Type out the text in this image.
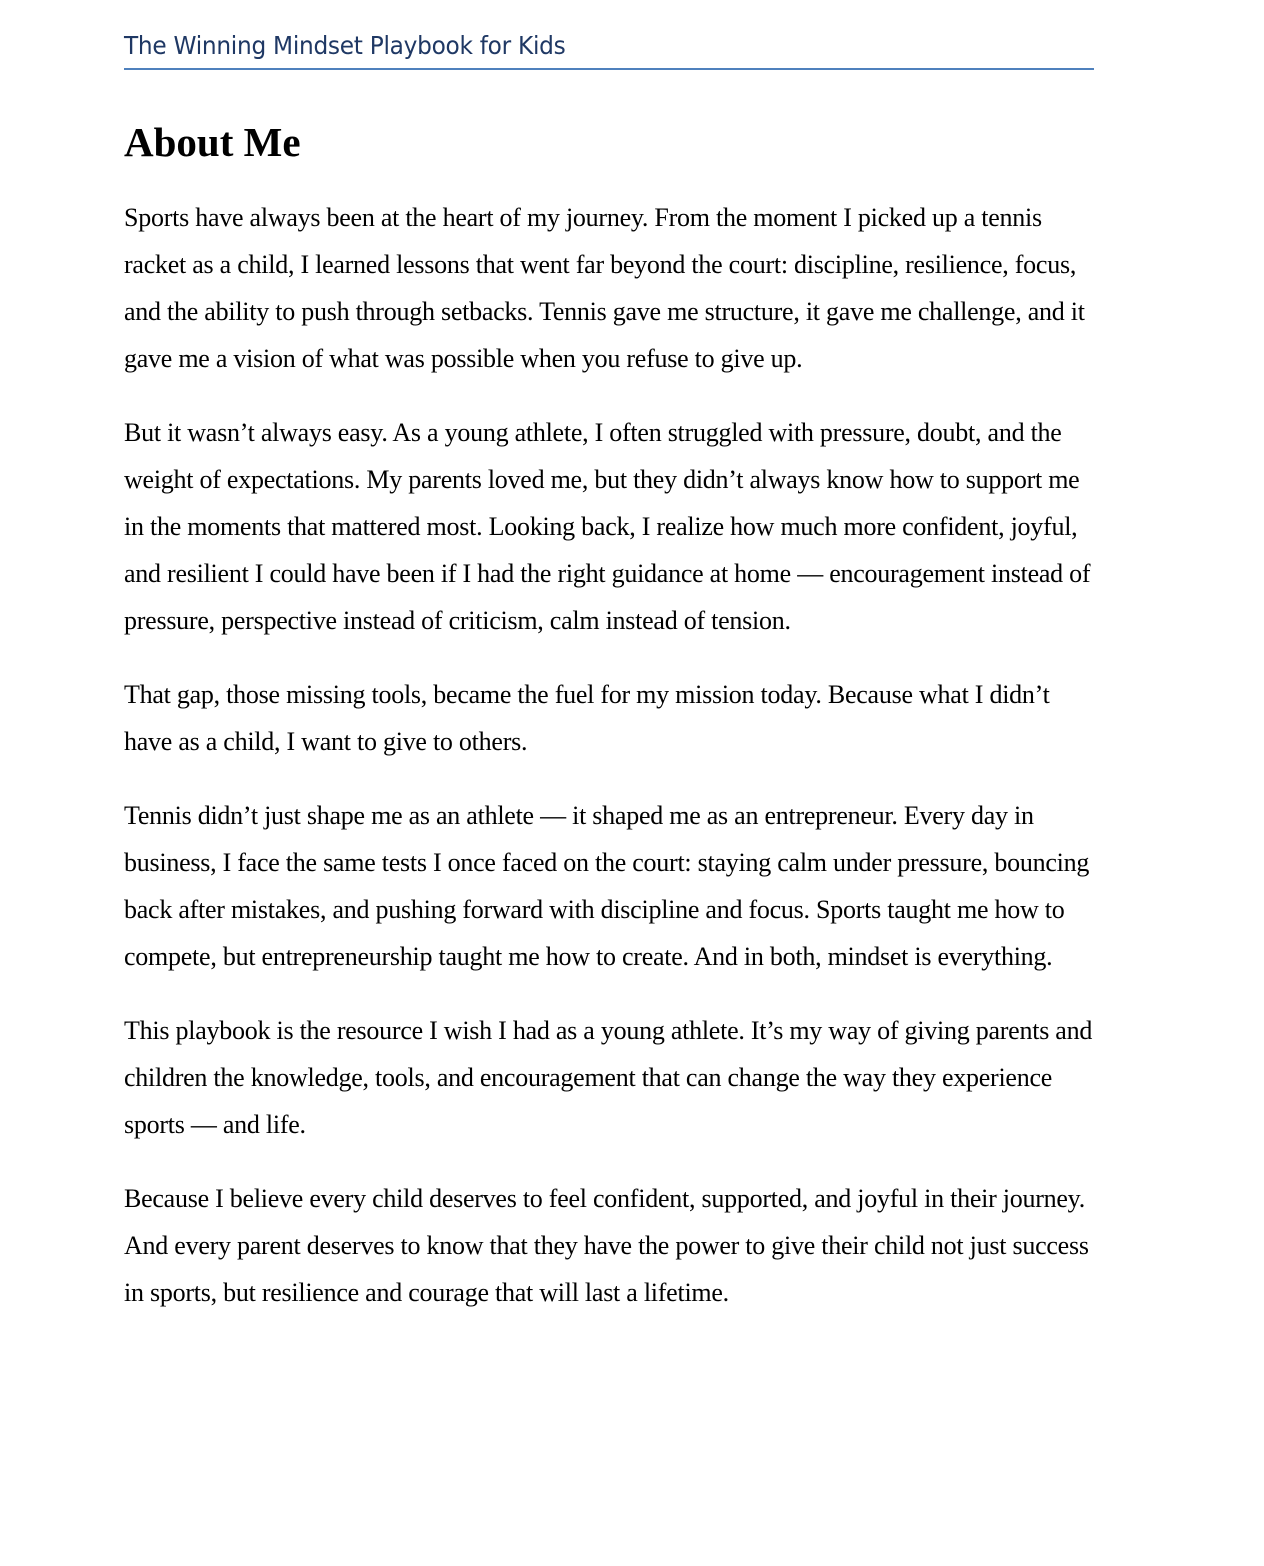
The Winning Mindset Playbook for Kids
About Me

Sports have always been at the heart of my journey. From the moment I picked up a tennis racket as a child, I learned lessons that went far beyond the court: discipline, resilience, focus, and the ability to push through setbacks. Tennis gave me structure, it gave me challenge, and it gave me a vision of what was possible when you refuse to give up.

But it wasn’t always easy. As a young athlete, I often struggled with pressure, doubt, and the weight of expectations. My parents loved me, but they didn’t always know how to support me in the moments that mattered most. Looking back, I realize how much more confident, joyful, and resilient I could have been if I had the right guidance at home — encouragement instead of pressure, perspective instead of criticism, calm instead of tension.

That gap, those missing tools, became the fuel for my mission today. Because what I didn’t have as a child, I want to give to others.

Tennis didn’t just shape me as an athlete — it shaped me as an entrepreneur. Every day in business, I face the same tests I once faced on the court: staying calm under pressure, bouncing back after mistakes, and pushing forward with discipline and focus. Sports taught me how to compete, but entrepreneurship taught me how to create. And in both, mindset is everything.

This playbook is the resource I wish I had as a young athlete. It’s my way of giving parents and children the knowledge, tools, and encouragement that can change the way they experience sports — and life.

Because I believe every child deserves to feel confident, supported, and joyful in their journey. And every parent deserves to know that they have the power to give their child not just success in sports, but resilience and courage that will last a lifetime.
